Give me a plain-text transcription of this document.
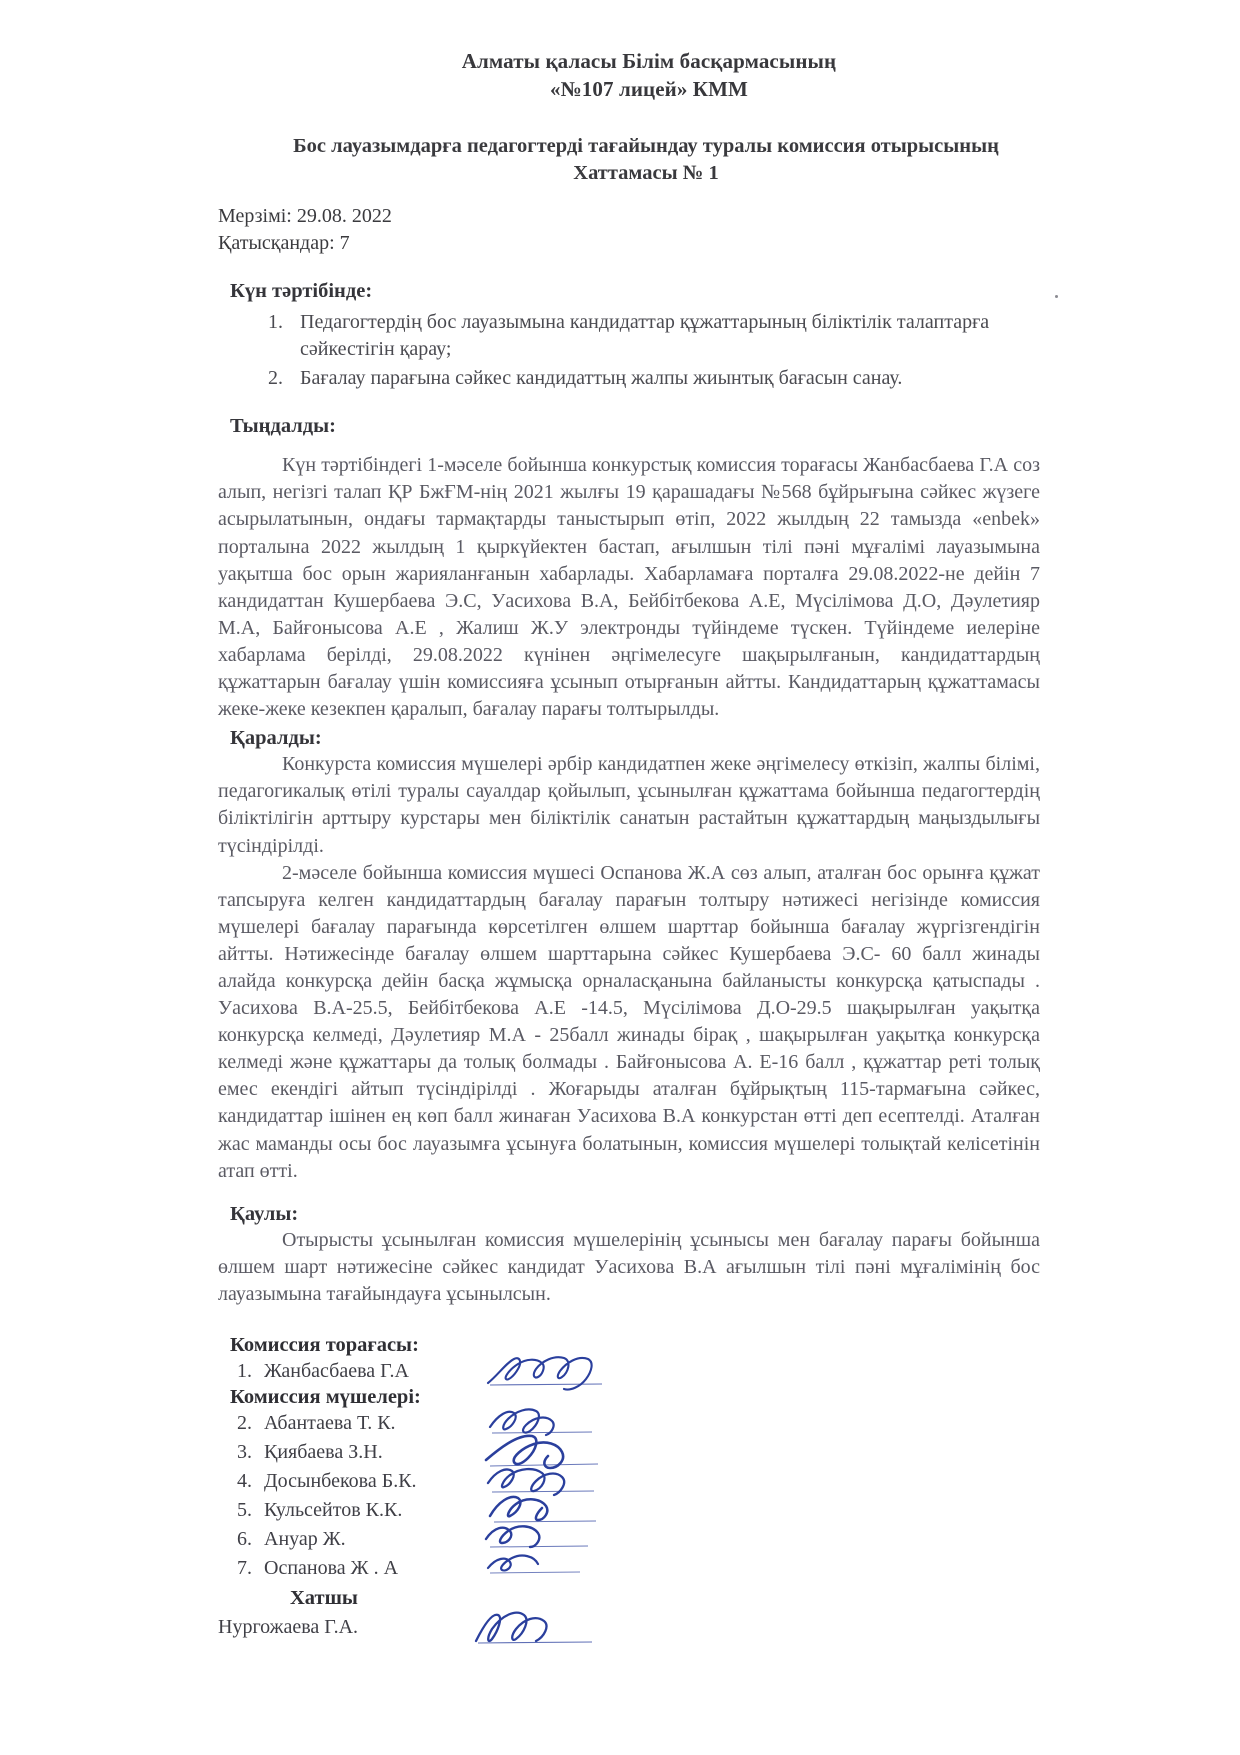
Алматы қаласы Білім басқармасының
«№107 лицей» КММ
Бос лауазымдарға педагогтерді тағайындау туралы комиссия отырысының
Хаттамасы № 1
Мерзімі: 29.08. 2022
Қатысқандар: 7
Күн тәртібінде:
1. Педагогтердің бос лауазымына кандидаттар құжаттарының біліктілік талаптарға сәйкестігін қарау;
2. Бағалау парағына сәйкес кандидаттың жалпы жиынтық бағасын санау.
Тыңдалды:

Күн тәртібіндегі 1-мәселе бойынша конкурстық комиссия торағасы Жанбасбаева Г.А соз алып, негізгі талап ҚР БжҒМ-нің 2021 жылғы 19 қарашадағы №568 бұйрығына сәйкес жүзеге асырылатынын, ондағы тармақтарды таныстырып өтіп, 2022 жылдың 22 тамызда «enbek» порталына 2022 жылдың 1 қыркүйектен бастап, ағылшын тілі пәні мұғалімі лауазымына уақытша бос орын жарияланғанын хабарлады. Хабарламаға порталға 29.08.2022-не дейін 7 кандидаттан Кушербаева Э.С, Уасихова В.А, Бейбітбекова А.Е, Мүсілімова Д.О, Дәулетияр М.А, Байғонысова А.Е , Жалиш Ж.У электронды түйіндеме түскен. Түйіндеме иелеріне хабарлама берілді, 29.08.2022 күнінен әңгімелесуге шақырылғанын, кандидаттардың құжаттарын бағалау үшін комиссияға ұсынып отырғанын айтты. Кандидаттарың құжаттамасы жеке-жеке кезекпен қаралып, бағалау парағы толтырылды.

Қаралды:

Конкурста комиссия мүшелері әрбір кандидатпен жеке әңгімелесу өткізіп, жалпы білімі, педагогикалық өтілі туралы сауалдар қойылып, ұсынылған құжаттама бойынша педагогтердің біліктілігін арттыру курстары мен біліктілік санатын растайтын құжаттардың маңыздылығы түсіндірілді.

2-мәселе бойынша комиссия мүшесі Оспанова Ж.А сөз алып, аталған бос орынға құжат тапсыруға келген кандидаттардың бағалау парағын толтыру нәтижесі негізінде комиссия мүшелері бағалау парағында көрсетілген өлшем шарттар бойынша бағалау жүргізгендігін айтты. Нәтижесінде бағалау өлшем шарттарына сәйкес Кушербаева Э.С- 60 балл жинады алайда конкурсқа дейін басқа жұмысқа орналасқанына байланысты конкурсқа қатыспады . Уасихова В.А-25.5, Бейбітбекова А.Е -14.5, Мүсілімова Д.О-29.5 шақырылған уақытқа конкурсқа келмеді, Дәулетияр М.А - 25балл жинады бірақ , шақырылған уақытқа конкурсқа келмеді және құжаттары да толық болмады . Байғонысова А. Е-16 балл , құжаттар реті толық емес екендігі айтып түсіндірілді . Жоғарыды аталған бұйрықтың 115-тармағына сәйкес, кандидаттар ішінен ең көп балл жинаған Уасихова В.А конкурстан өтті деп есептелді. Аталған жас маманды осы бос лауазымға ұсынуға болатынын, комиссия мүшелері толықтай келісетінін атап өтті.

Қаулы:

Отырысты ұсынылған комиссия мүшелерінің ұсынысы мен бағалау парағы бойынша өлшем шарт нәтижесіне сәйкес кандидат Уасихова В.А ағылшын тілі пәні мұғалімінің бос лауазымына тағайындауға ұсынылсын.

Комиссия торағасы:
1. Жанбасбаева Г.А
Комиссия мүшелері:
2. Абантаева Т. К.
3. Қиябаева З.Н.
4. Досынбекова Б.К.
5. Кульсейтов К.К.
6. Ануар Ж.
7. Оспанова Ж . А
Хатшы
Нургожаева Г.А.
